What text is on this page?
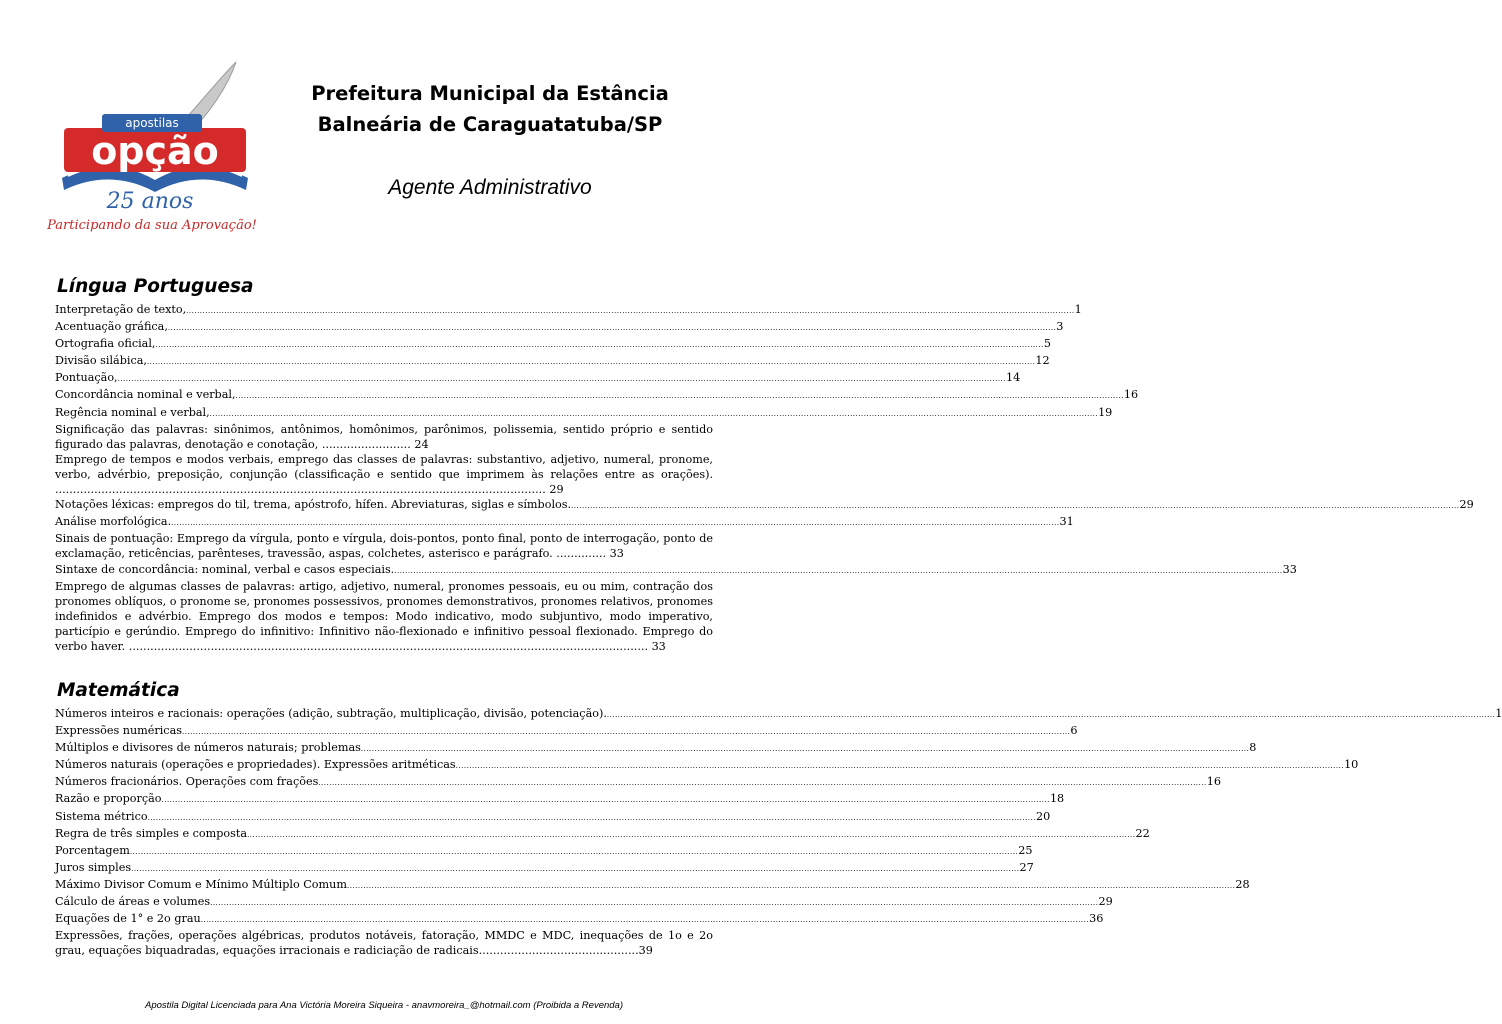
apostilas
opção
25 anos
Participando da sua Aprovação!
Prefeitura Municipal da Estância
Balneária de Caraguatatuba/SP
Agente Administrativo
Língua Portuguesa
Interpretação de texto, .....	1
Acentuação gráfica, .....	3
Ortografia oficial, .....	5
Divisão silábica, .....	12
Pontuação, .....	14
Concordância nominal e verbal, .....	16
Regência nominal e verbal, .....	19
Significação das palavras: sinônimos, antônimos, homônimos, parônimos, polissemia, sentido próprio e sentido figurado das palavras, denotação e conotação, ......................... 24
Emprego de tempos e modos verbais, emprego das classes de palavras: substantivo, adjetivo, numeral, pronome, verbo, advérbio, preposição, conjunção (classificação e sentido que imprimem às relações entre as orações). .......................................................................................................................................... 29
Notações léxicas: empregos do til, trema, apóstrofo, hífen. Abreviaturas, siglas e símbolos. .....	29
Análise morfológica. .....	31
Sinais de pontuação: Emprego da vírgula, ponto e vírgula, dois-pontos, ponto final, ponto de interrogação, ponto de exclamação, reticências, parênteses, travessão, aspas, colchetes, asterisco e parágrafo. .............. 33
Sintaxe de concordância: nominal, verbal e casos especiais. .....	33
Emprego de algumas classes de palavras: artigo, adjetivo, numeral, pronomes pessoais, eu ou mim, contração dos pronomes oblíquos, o pronome se, pronomes possessivos, pronomes demonstrativos, pronomes relativos, pronomes indefinidos e advérbio. Emprego dos modos e tempos: Modo indicativo, modo subjuntivo, modo imperativo, particípio e gerúndio. Emprego do infinitivo: Infinitivo não-flexionado e infinitivo pessoal flexionado. Emprego do verbo haver. .................................................................................................................................................. 33
Matemática
Números inteiros e racionais: operações (adição, subtração, multiplicação, divisão, potenciação). .....	1
Expressões numéricas .....	6
Múltiplos e divisores de números naturais; problemas .....	8
Números naturais (operações e propriedades). Expressões aritméticas .....	10
Números fracionários. Operações com frações .....	16
Razão e proporção .....	18
Sistema métrico .....	20
Regra de três simples e composta .....	22
Porcentagem .....	25
Juros simples .....	27
Máximo Divisor Comum e Mínimo Múltiplo Comum .....	28
Cálculo de áreas e volumes .....	29
Equações de 1° e 2o grau .....	36
Expressões, frações, operações algébricas, produtos notáveis, fatoração, MMDC e MDC, inequações de 1o e 2o grau, equações biquadradas, equações irracionais e radiciação de radicais.............................................39
Apostila Digital Licenciada para Ana Victória Moreira Siqueira - anavmoreira_@hotmail.com (Proibida a Revenda)
